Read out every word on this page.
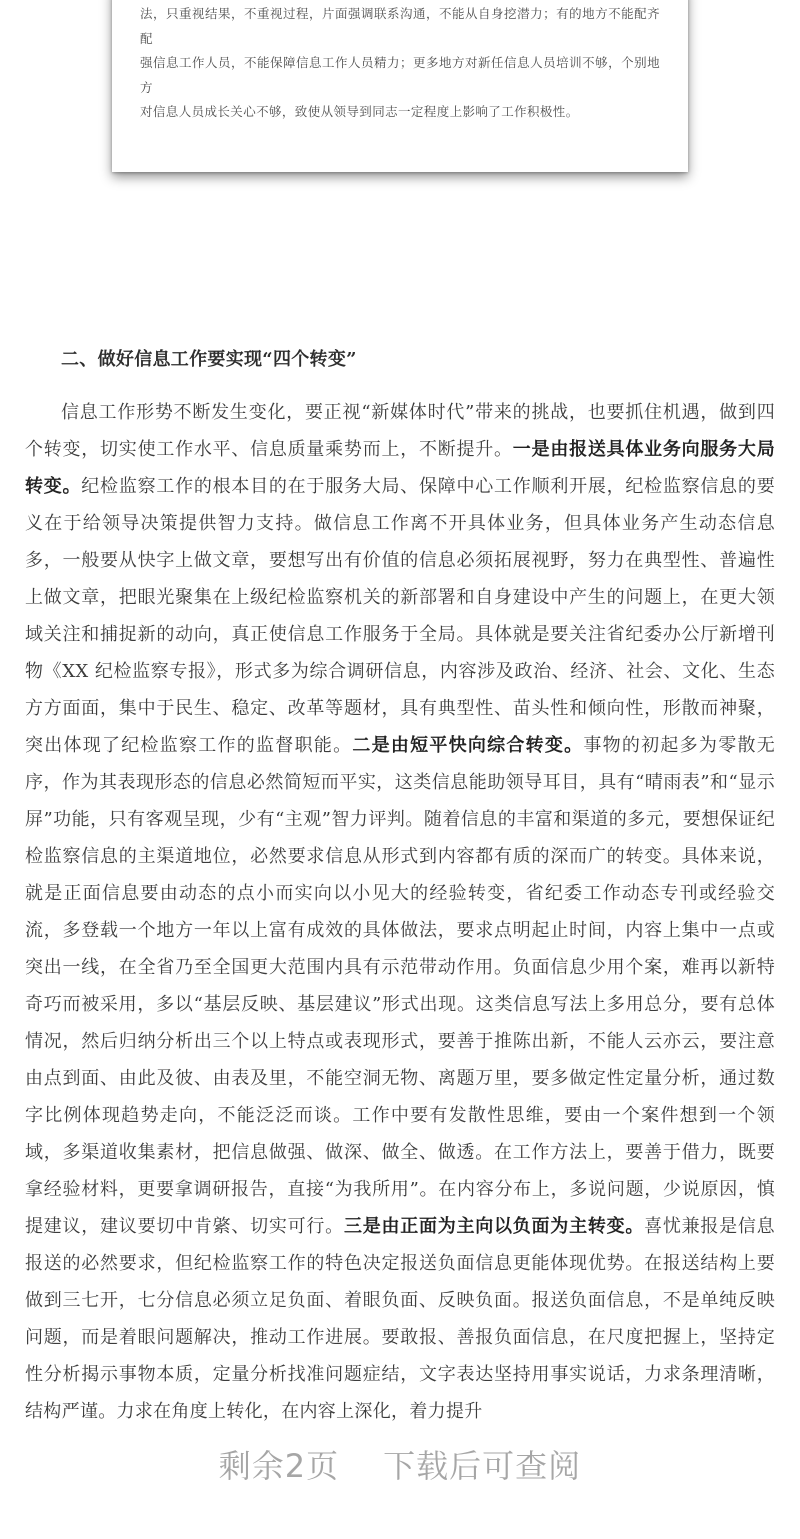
法，只重视结果，不重视过程，片面强调联系沟通，不能从自身挖潜力；有的地方不能配齐配
强信息工作人员，不能保障信息工作人员精力；更多地方对新任信息人员培训不够，个别地方
对信息人员成长关心不够，致使从领导到同志一定程度上影响了工作积极性。
二、做好信息工作要实现“四个转变”

信息工作形势不断发生变化，要正视“新媒体时代”带来的挑战，也要抓住机遇，做到四个转变，切实使工作水平、信息质量乘势而上，不断提升。一是由报送具体业务向服务大局转变。纪检监察工作的根本目的在于服务大局、保障中心工作顺利开展，纪检监察信息的要义在于给领导决策提供智力支持。做信息工作离不开具体业务，但具体业务产生动态信息多，一般要从快字上做文章，要想写出有价值的信息必须拓展视野，努力在典型性、普遍性上做文章，把眼光聚集在上级纪检监察机关的新部署和自身建设中产生的问题上，在更大领域关注和捕捉新的动向，真正使信息工作服务于全局。具体就是要关注省纪委办公厅新增刊物《XX 纪检监察专报》，形式多为综合调研信息，内容涉及政治、经济、社会、文化、生态方方面面，集中于民生、稳定、改革等题材，具有典型性、苗头性和倾向性，形散而神聚，突出体现了纪检监察工作的监督职能。二是由短平快向综合转变。事物的初起多为零散无序，作为其表现形态的信息必然简短而平实，这类信息能助领导耳目，具有“晴雨表”和“显示屏”功能，只有客观呈现，少有“主观”智力评判。随着信息的丰富和渠道的多元，要想保证纪检监察信息的主渠道地位，必然要求信息从形式到内容都有质的深而广的转变。具体来说，就是正面信息要由动态的点小而实向以小见大的经验转变，省纪委工作动态专刊或经验交流，多登载一个地方一年以上富有成效的具体做法，要求点明起止时间，内容上集中一点或突出一线，在全省乃至全国更大范围内具有示范带动作用。负面信息少用个案，难再以新特奇巧而被采用，多以“基层反映、基层建议”形式出现。这类信息写法上多用总分，要有总体情况，然后归纳分析出三个以上特点或表现形式，要善于推陈出新，不能人云亦云，要注意由点到面、由此及彼、由表及里，不能空洞无物、离题万里，要多做定性定量分析，通过数字比例体现趋势走向，不能泛泛而谈。工作中要有发散性思维，要由一个案件想到一个领域，多渠道收集素材，把信息做强、做深、做全、做透。在工作方法上，要善于借力，既要拿经验材料，更要拿调研报告，直接“为我所用”。在内容分布上，多说问题，少说原因，慎提建议，建议要切中肯綮、切实可行。三是由正面为主向以负面为主转变。喜忧兼报是信息报送的必然要求，但纪检监察工作的特色决定报送负面信息更能体现优势。在报送结构上要做到三七开，七分信息必须立足负面、着眼负面、反映负面。报送负面信息，不是单纯反映问题，而是着眼问题解决，推动工作进展。要敢报、善报负面信息，在尺度把握上，坚持定性分析揭示事物本质，定量分析找准问题症结，文字表达坚持用事实说话，力求条理清晰，结构严谨。力求在角度上转化，在内容上深化，着力提升

剩余2页 下载后可查阅
